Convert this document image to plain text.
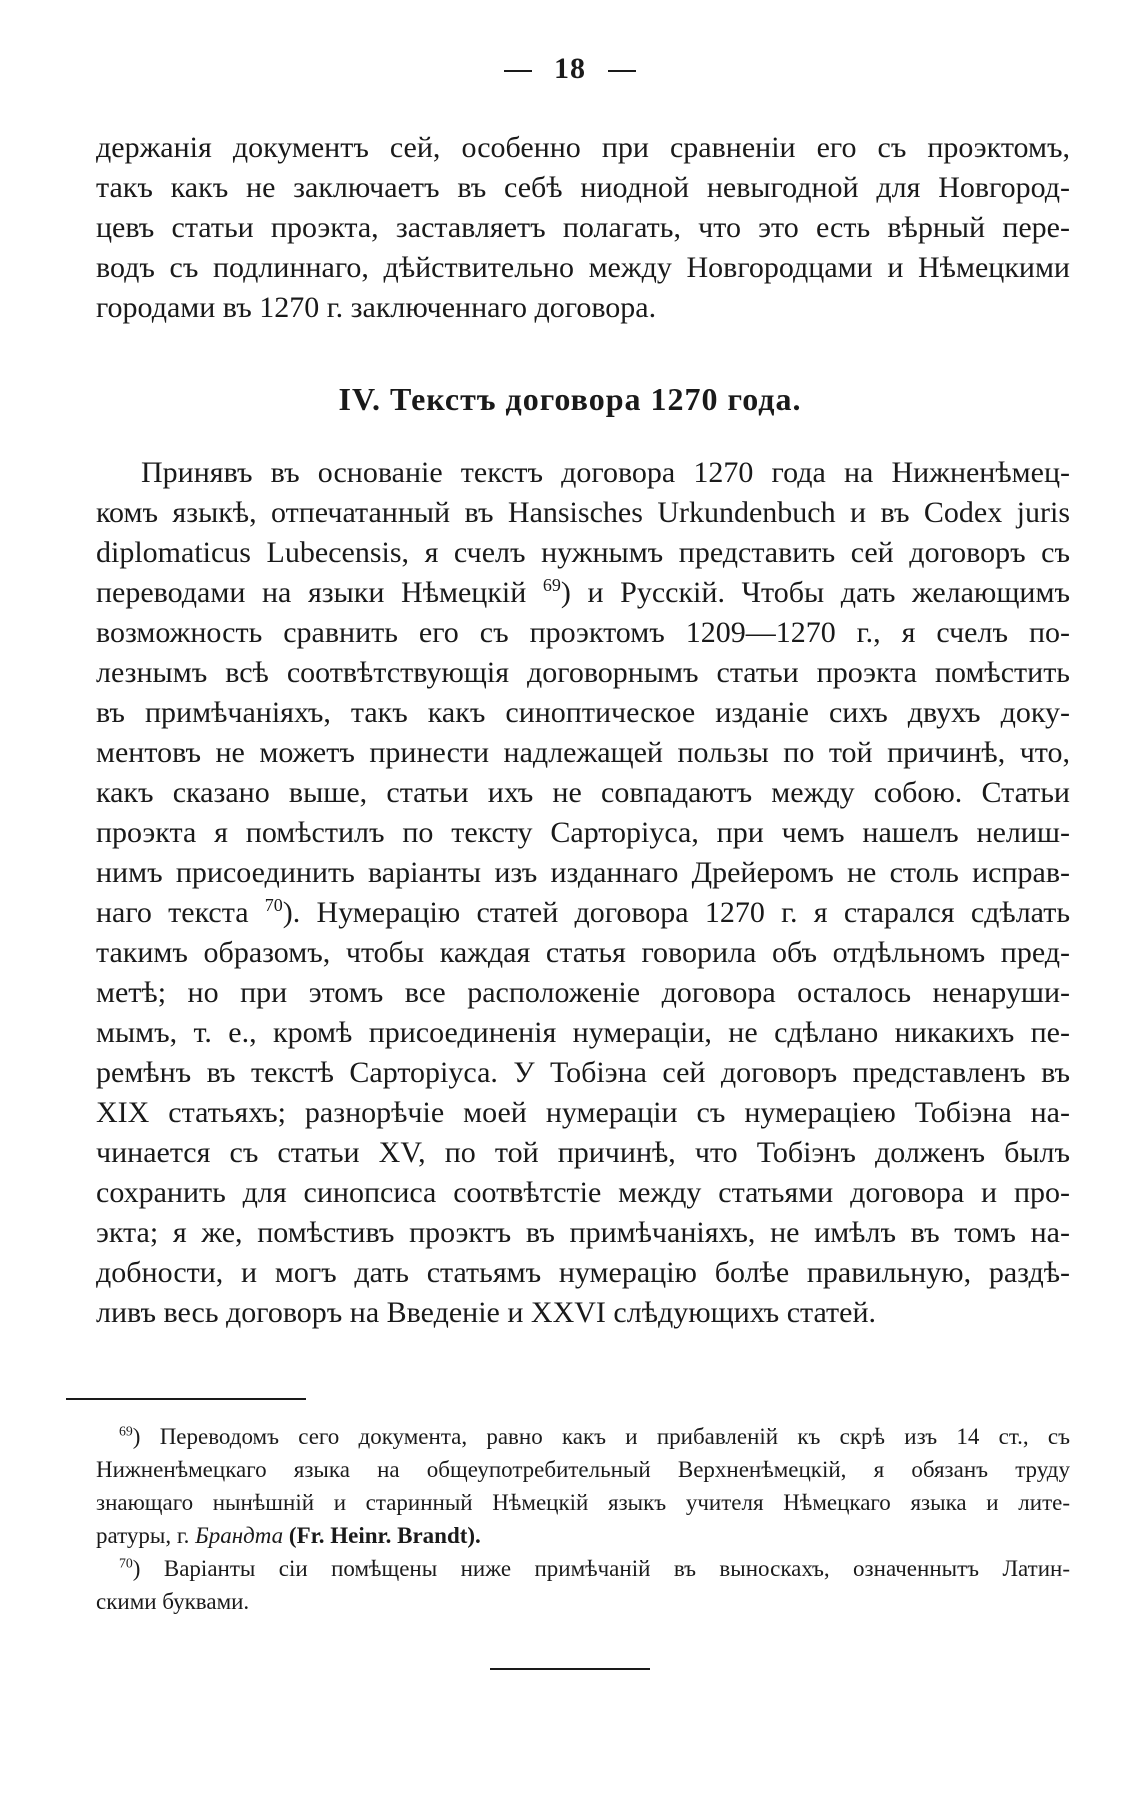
18
держанія документъ сей, особенно при сравненіи его съ проэктомъ,
такъ какъ не заключаетъ въ себѣ ниодной невыгодной для Новгород-
цевъ статьи проэкта, заставляетъ полагать, что это есть вѣрный пере-
водъ съ подлиннаго, дѣйствительно между Новгородцами и Нѣмецкими
городами въ 1270 г. заключеннаго договора.
IV. Текстъ договора 1270 года.
  Принявъ въ основаніе текстъ договора 1270 года на Нижненѣмец-
комъ языкѣ, отпечатанный въ Hansisches Urkundenbuch и въ Codex juris
diplomaticus Lubecensis, я счелъ нужнымъ представить сей договоръ съ
переводами на языки Нѣмецкій $^{69}$) и Русскій. Чтобы дать желающимъ
возможность сравнить его съ проэктомъ 1209—1270 г., я счелъ по-
лезнымъ всѣ соотвѣтствующія договорнымъ статьи проэкта помѣстить
въ примѣчаніяхъ, такъ какъ синоптическое изданіе сихъ двухъ доку-
ментовъ не можетъ принести надлежащей пользы по той причинѣ, что,
какъ сказано выше, статьи ихъ не совпадаютъ между собою. Статьи
проэкта я помѣстилъ по тексту Сарторіуса, при чемъ нашелъ нелиш-
нимъ присоединить варіанты изъ изданнаго Дрейеромъ не столь исправ-
наго текста $^{70}$). Нумерацію статей договора 1270 г. я старался сдѣлать
такимъ образомъ, чтобы каждая статья говорила объ отдѣльномъ пред-
метѣ; но при этомъ все расположеніе договора осталось ненаруши-
мымъ, т. е., кромѣ присоединенія нумераціи, не сдѣлано никакихъ пе-
ремѣнъ въ текстѣ Сарторіуса. У Тобіэна сей договоръ представленъ въ
XIX статьяхъ; разнорѣчіе моей нумераціи съ нумераціею Тобіэна на-
чинается съ статьи XV, по той причинѣ, что Тобіэнъ долженъ былъ
сохранить для синопсиса соотвѣтстіе между статьями договора и про-
экта; я же, помѣстивъ проэктъ въ примѣчаніяхъ, не имѣлъ въ томъ на-
добности, и могъ дать статьямъ нумерацію болѣе правильную, раздѣ-
ливъ весь договоръ на Введеніе и XXVI слѣдующихъ статей.
 $^{69}$) Переводомъ сего документа, равно какъ и прибавленій къ скрѣ изъ 14 ст., съ
Нижненѣмецкаго языка на общеупотребительный Верхненѣмецкій, я обязанъ труду
знающаго нынѣшній и старинный Нѣмецкій языкъ учителя Нѣмецкаго языка и лите-
ратуры, г. Брандта (Fr. Heinr. Brandt).
 $^{70}$) Варіанты сіи помѣщены ниже примѣчаній въ выноскахъ, означеннытъ Латин-
скими буквами.
